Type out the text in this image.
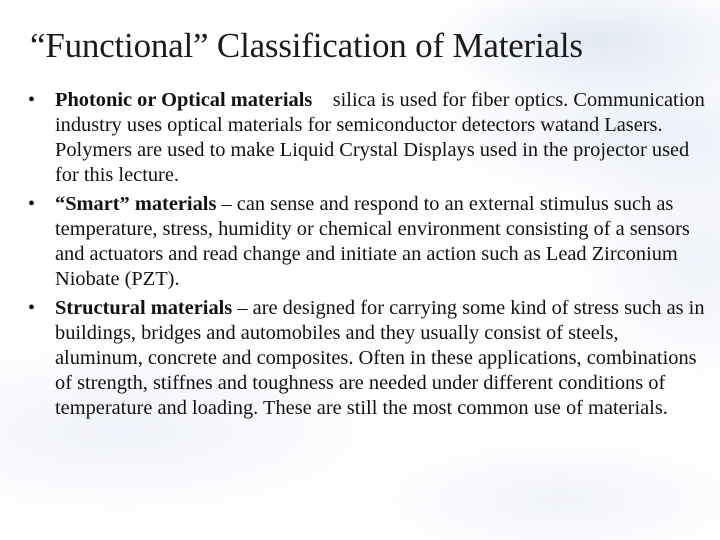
“Functional” Classification of Materials
• Photonic or Optical materials    silica is used for fiber optics. Communication industry uses optical materials for semiconductor detectors watand Lasers.  Polymers are used to make Liquid Crystal Displays used in the projector used for this lecture.
• “Smart” materials – can sense and respond to an external stimulus such as temperature, stress, humidity or chemical environment consisting of a sensors and actuators and read change and initiate an action such as Lead Zirconium Niobate (PZT).
• Structural materials – are designed for carrying some kind of stress such as in buildings, bridges and automobiles and they usually consist of steels, aluminum, concrete and composites. Often in these applications, combinations of strength, stiffnes and toughness are needed under different conditions of temperature and loading. These are still the most common use of materials.
